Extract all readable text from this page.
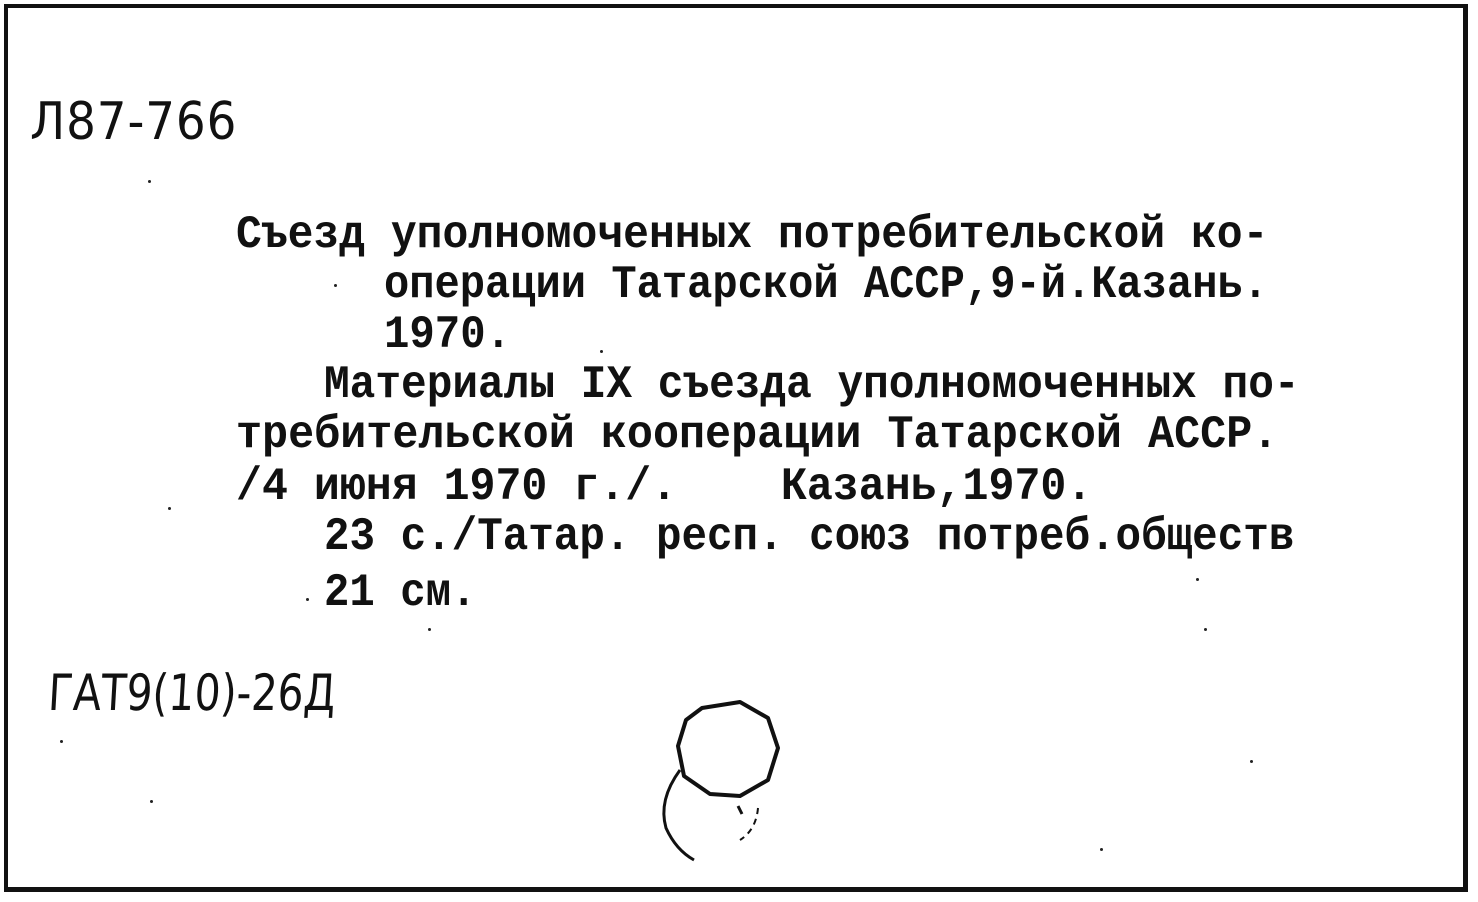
Л87-766
Съезд уполномоченных потребительской ко-
операции Татарской АССР,9-й.Казань.
1970.
Материалы IX съезда уполномоченных по-
требительской кооперации Татарской АССР.
/4 июня 1970 г./.    Казань,1970.
23 с./Татар. респ. союз потреб.обществ
21 см.
ГАТ9(10)-26Д
